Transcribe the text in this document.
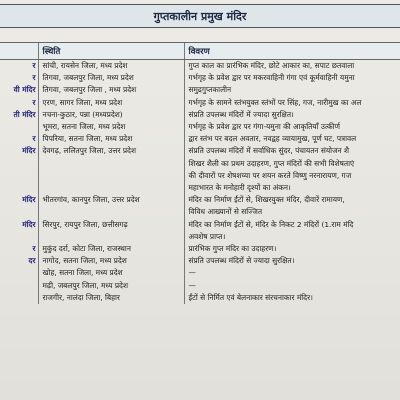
गुप्तकालीन प्रमुख मंदिर
	स्थिति	विवरण
र	सांची, रायसेन जिला, मध्य प्रदेश	गुप्त काल का प्रारंभिक मंदिर, छोटे आकार का, सपाट छतवाला
र	तिगवा, जबलपुर जिला, मध्य प्रदेश	गर्भगृह के प्रवेश द्वार पर मकरवाहिनी गंगा एवं कूर्मवाहिनी यमुना
वी मंदिर	तिगवा, जबलपुर जिला , मध्य प्रदेश	समुद्रगुप्तकालीन
र	एरण, सागर जिला, मध्य प्रदेश	गर्भगृह के सामने स्तंभयुक्त स्तंभों पर सिंह, गज, नारीमुख का अल
ती मंदिर	नचना-कुठार, पन्ना (मध्यप्रदेश)	संप्रति उपलब्ध मंदिरों में ज्यादा सुरक्षित।
	भूमरा, सतना जिला, मध्य प्रदेश	गर्भगृह के प्रवेश द्वार पर गंगा-यमुना की आकृतियाँ उत्कीर्ण
र	पिपरिया, सतना जिला, मध्य प्रदेश	द्वार स्तंभ पर बदल अवतार, नवद्वह व्यायामुख, पूर्ण घट, पत्रावल
मंदिर	देवगढ़, ललितपुर जिला, उत्तर प्रदेश	संप्रति उपलब्ध मंदिरों में सर्वाधिक सुंदर, पंचायतन संयोजन शै
		शिखर शैली का प्रथम उदाहरण, गुप्त मंदिरों की सभी विशेषताएं
		की दीवारों पर शेषशय्या पर शयन करते विष्णु नरनारायण, गज
		महाभारत के मनोहारी दृश्यों का अंकन।
मंदिर	भीतरगांव, कानपुर जिला, उत्तर प्रदेश	मंदिर का निर्माण ईंटों से, शिखरयुक्त मंदिर, दीवारें रामायण,
		विविध आख्यानों से सज्जित
मंदिर	सिरपुर, रायपुर जिला, छत्तीसगढ़	मंदिर का निर्माण ईंटों से, मंदिर के निकट 2 मंदिरों (1.राम मंदि
		अवशेष प्राप्त।
र	मुकुंद दर्रा, कोटा जिला, राजस्थान	प्रारंभिक गुप्त मंदिर का उदाहरण।
दर	नागोद, सतना जिला, मध्य प्रदेश	संप्रति उपलब्ध मंदिरों से ज्यादा सुरक्षित।
	खोह, सतना जिला, मध्य प्रदेश	—
	मढ़ी, जबलपुर जिला, मध्य प्रदेश	—
	राजगीर, नालंदा जिला, बिहार	ईंटों से निर्मित एवं बेलनाकार संरचनाकार मंदिर।
